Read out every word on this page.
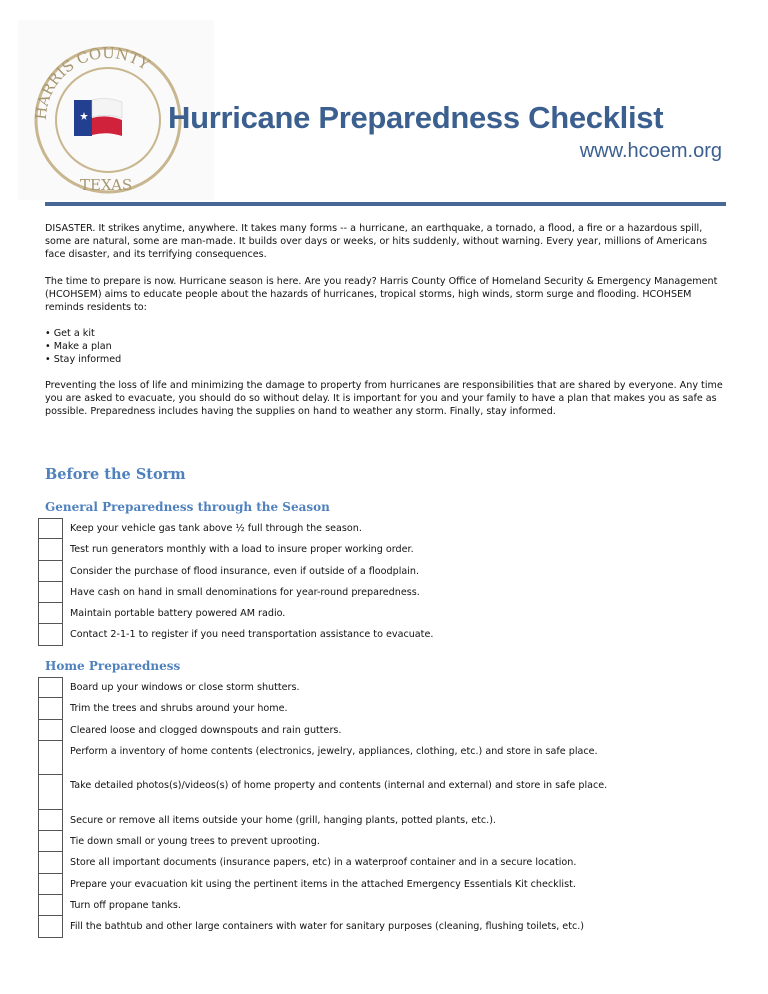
HARRIS COUNTY
TEXAS
Hurricane Preparedness Checklist
www.hcoem.org
DISASTER. It strikes anytime, anywhere. It takes many forms -- a hurricane, an earthquake, a tornado, a flood, a fire or a hazardous spill, some are natural, some are man-made. It builds over days or weeks, or hits suddenly, without warning. Every year, millions of Americans face disaster, and its terrifying consequences.
The time to prepare is now. Hurricane season is here. Are you ready? Harris County Office of Homeland Security & Emergency Management (HCOHSEM) aims to educate people about the hazards of hurricanes, tropical storms, high winds, storm surge and flooding. HCOHSEM reminds residents to:
• Get a kit
• Make a plan
• Stay informed
Preventing the loss of life and minimizing the damage to property from hurricanes are responsibilities that are shared by everyone. Any time you are asked to evacuate, you should do so without delay. It is important for you and your family to have a plan that makes you as safe as possible. Preparedness includes having the supplies on hand to weather any storm. Finally, stay informed.
Before the Storm
General Preparedness through the Season
Keep your vehicle gas tank above ½ full through the season.
Test run generators monthly with a load to insure proper working order.
Consider the purchase of flood insurance, even if outside of a floodplain.
Have cash on hand in small denominations for year-round preparedness.
Maintain portable battery powered AM radio.
Contact 2-1-1 to register if you need transportation assistance to evacuate.
Home Preparedness
Board up your windows or close storm shutters.
Trim the trees and shrubs around your home.
Cleared loose and clogged downspouts and rain gutters.
Perform a inventory of home contents (electronics, jewelry, appliances, clothing, etc.) and store in safe place.
Take detailed photos(s)/videos(s) of home property and contents (internal and external) and store in safe place.
Secure or remove all items outside your home (grill, hanging plants, potted plants, etc.).
Tie down small or young trees to prevent uprooting.
Store all important documents (insurance papers, etc) in a waterproof container and in a secure location.
Prepare your evacuation kit using the pertinent items in the attached Emergency Essentials Kit checklist.
Turn off propane tanks.
Fill the bathtub and other large containers with water for sanitary purposes (cleaning, flushing toilets, etc.)
